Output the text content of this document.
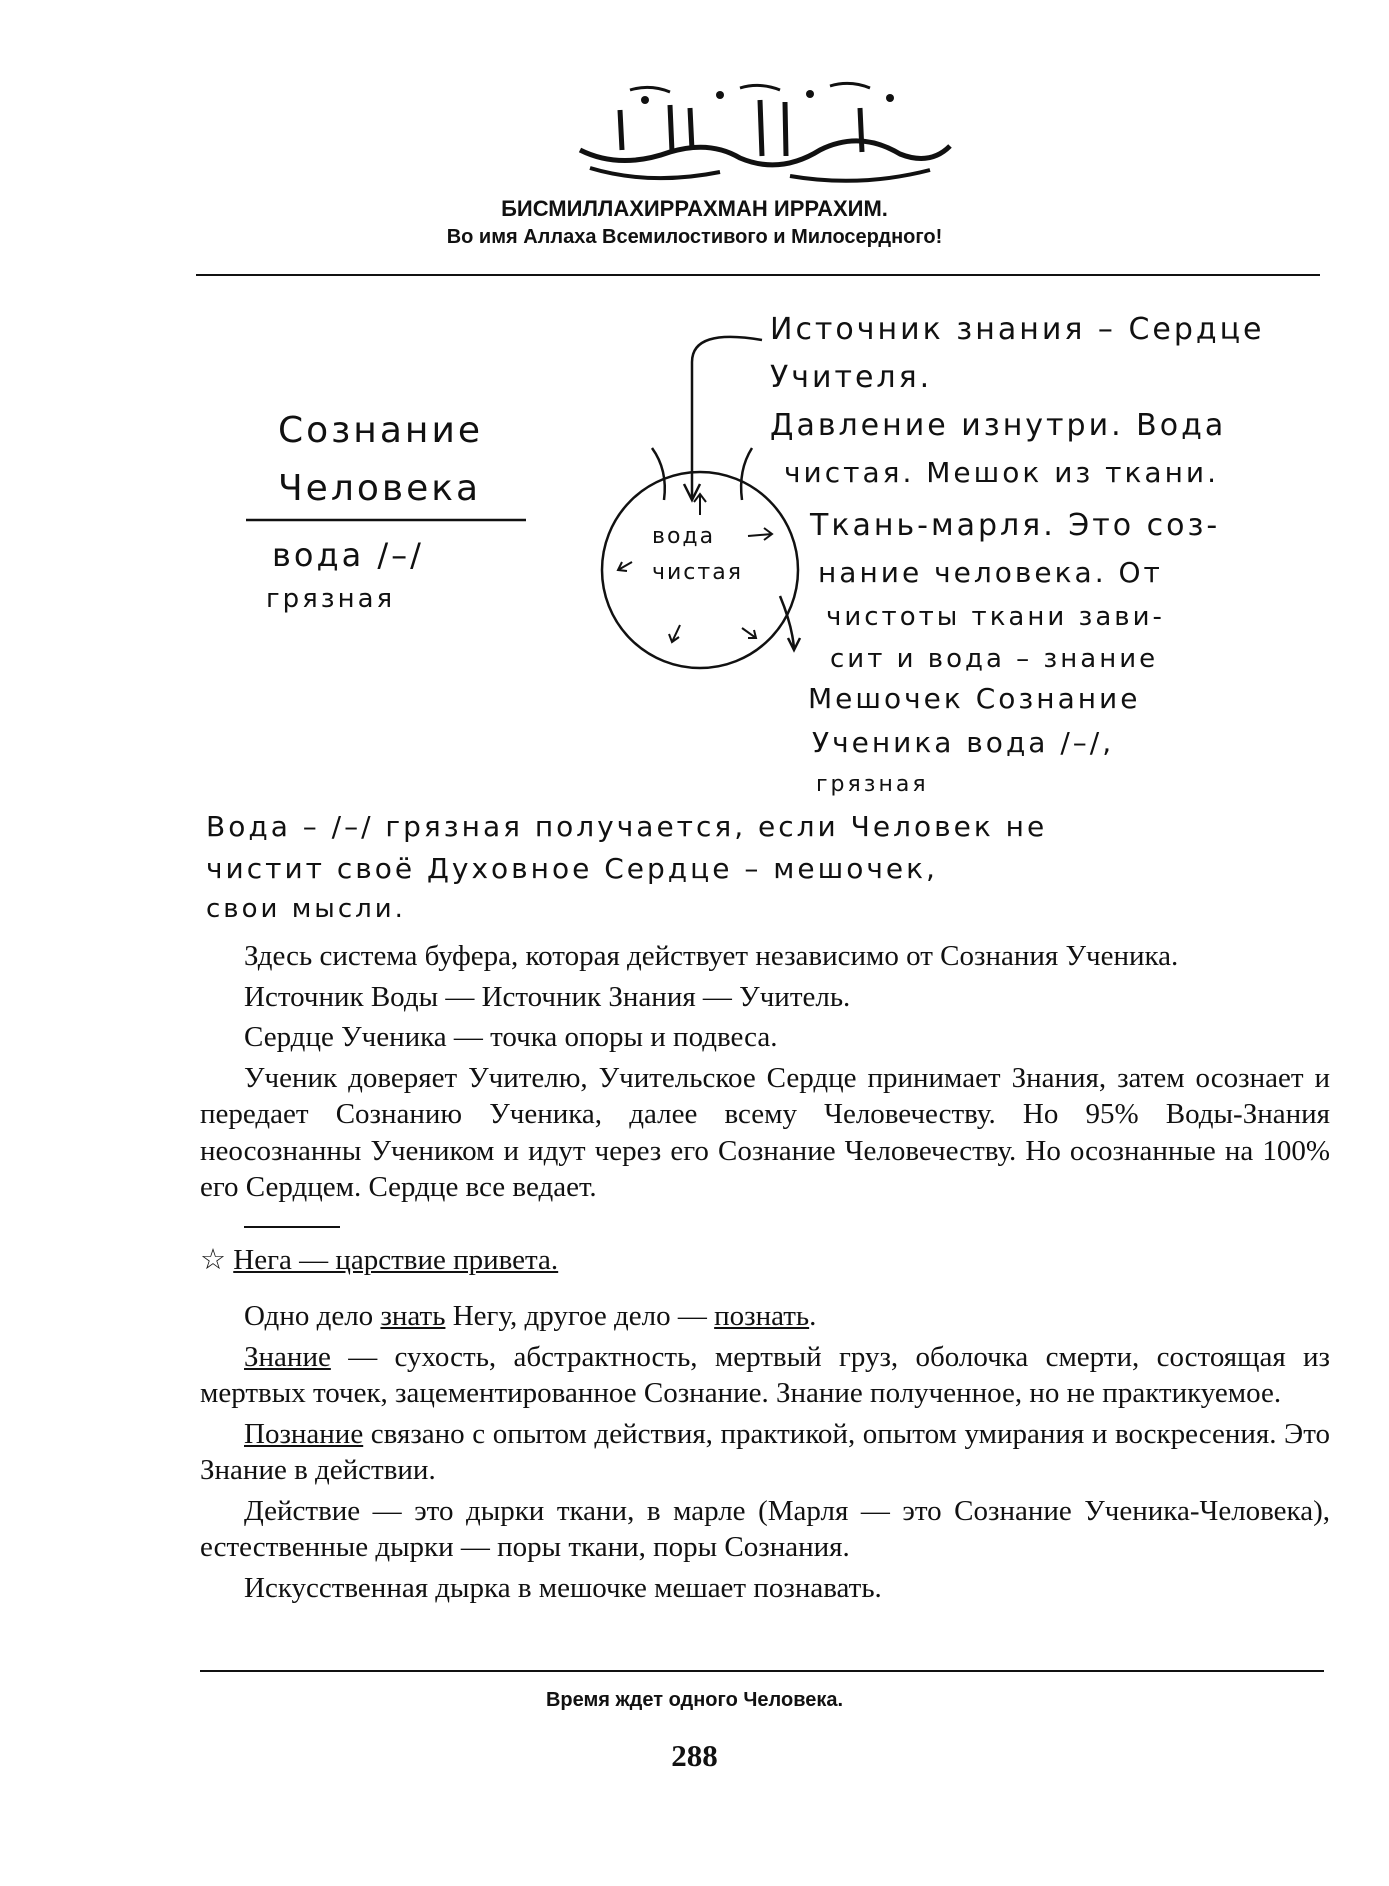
БИСМИЛЛАХИРРАХМАН ИРРАХИМ.
Во имя Аллаха Всемилостивого и Милосердного!
Сознание
Человека
вода /–/
грязная
вода
чистая
Источник знания – Сердце
Учителя.
Давление изнутри. Вода
чистая. Мешок из ткани.
Ткань-марля. Это соз-
нание человека. От
чистоты ткани зави-
сит и вода – знание
Мешочек Сознание
Ученика вода /–/,
грязная
Вода – /–/ грязная получается, если Человек не
чистит своё Духовное Сердце – мешочек,
свои мысли.

Здесь система буфера, которая действует независимо от Сознания Ученика.

Источник Воды — Источник Знания — Учитель.

Сердце Ученика — точка опоры и подвеса.

Ученик доверяет Учителю, Учительское Сердце принимает Знания, затем осознает и передает Сознанию Ученика, далее всему Человечеству. Но 95% Воды-Знания неосознанны Учеником и идут через его Сознание Человечеству. Но осознанные на 100% его Сердцем. Сердце все ведает.

☆ Нега — царствие привета.

Одно дело знать Негу, другое дело — познать.

Знание — сухость, абстрактность, мертвый груз, оболочка смерти, состоящая из мертвых точек, зацементированное Сознание. Знание полученное, но не практикуемое.

Познание связано с опытом действия, практикой, опытом умирания и воскресения. Это Знание в действии.

Действие — это дырки ткани, в марле (Марля — это Сознание Ученика-Человека), естественные дырки — поры ткани, поры Сознания.

Искусственная дырка в мешочке мешает познавать.

Время ждет одного Человека.
288
